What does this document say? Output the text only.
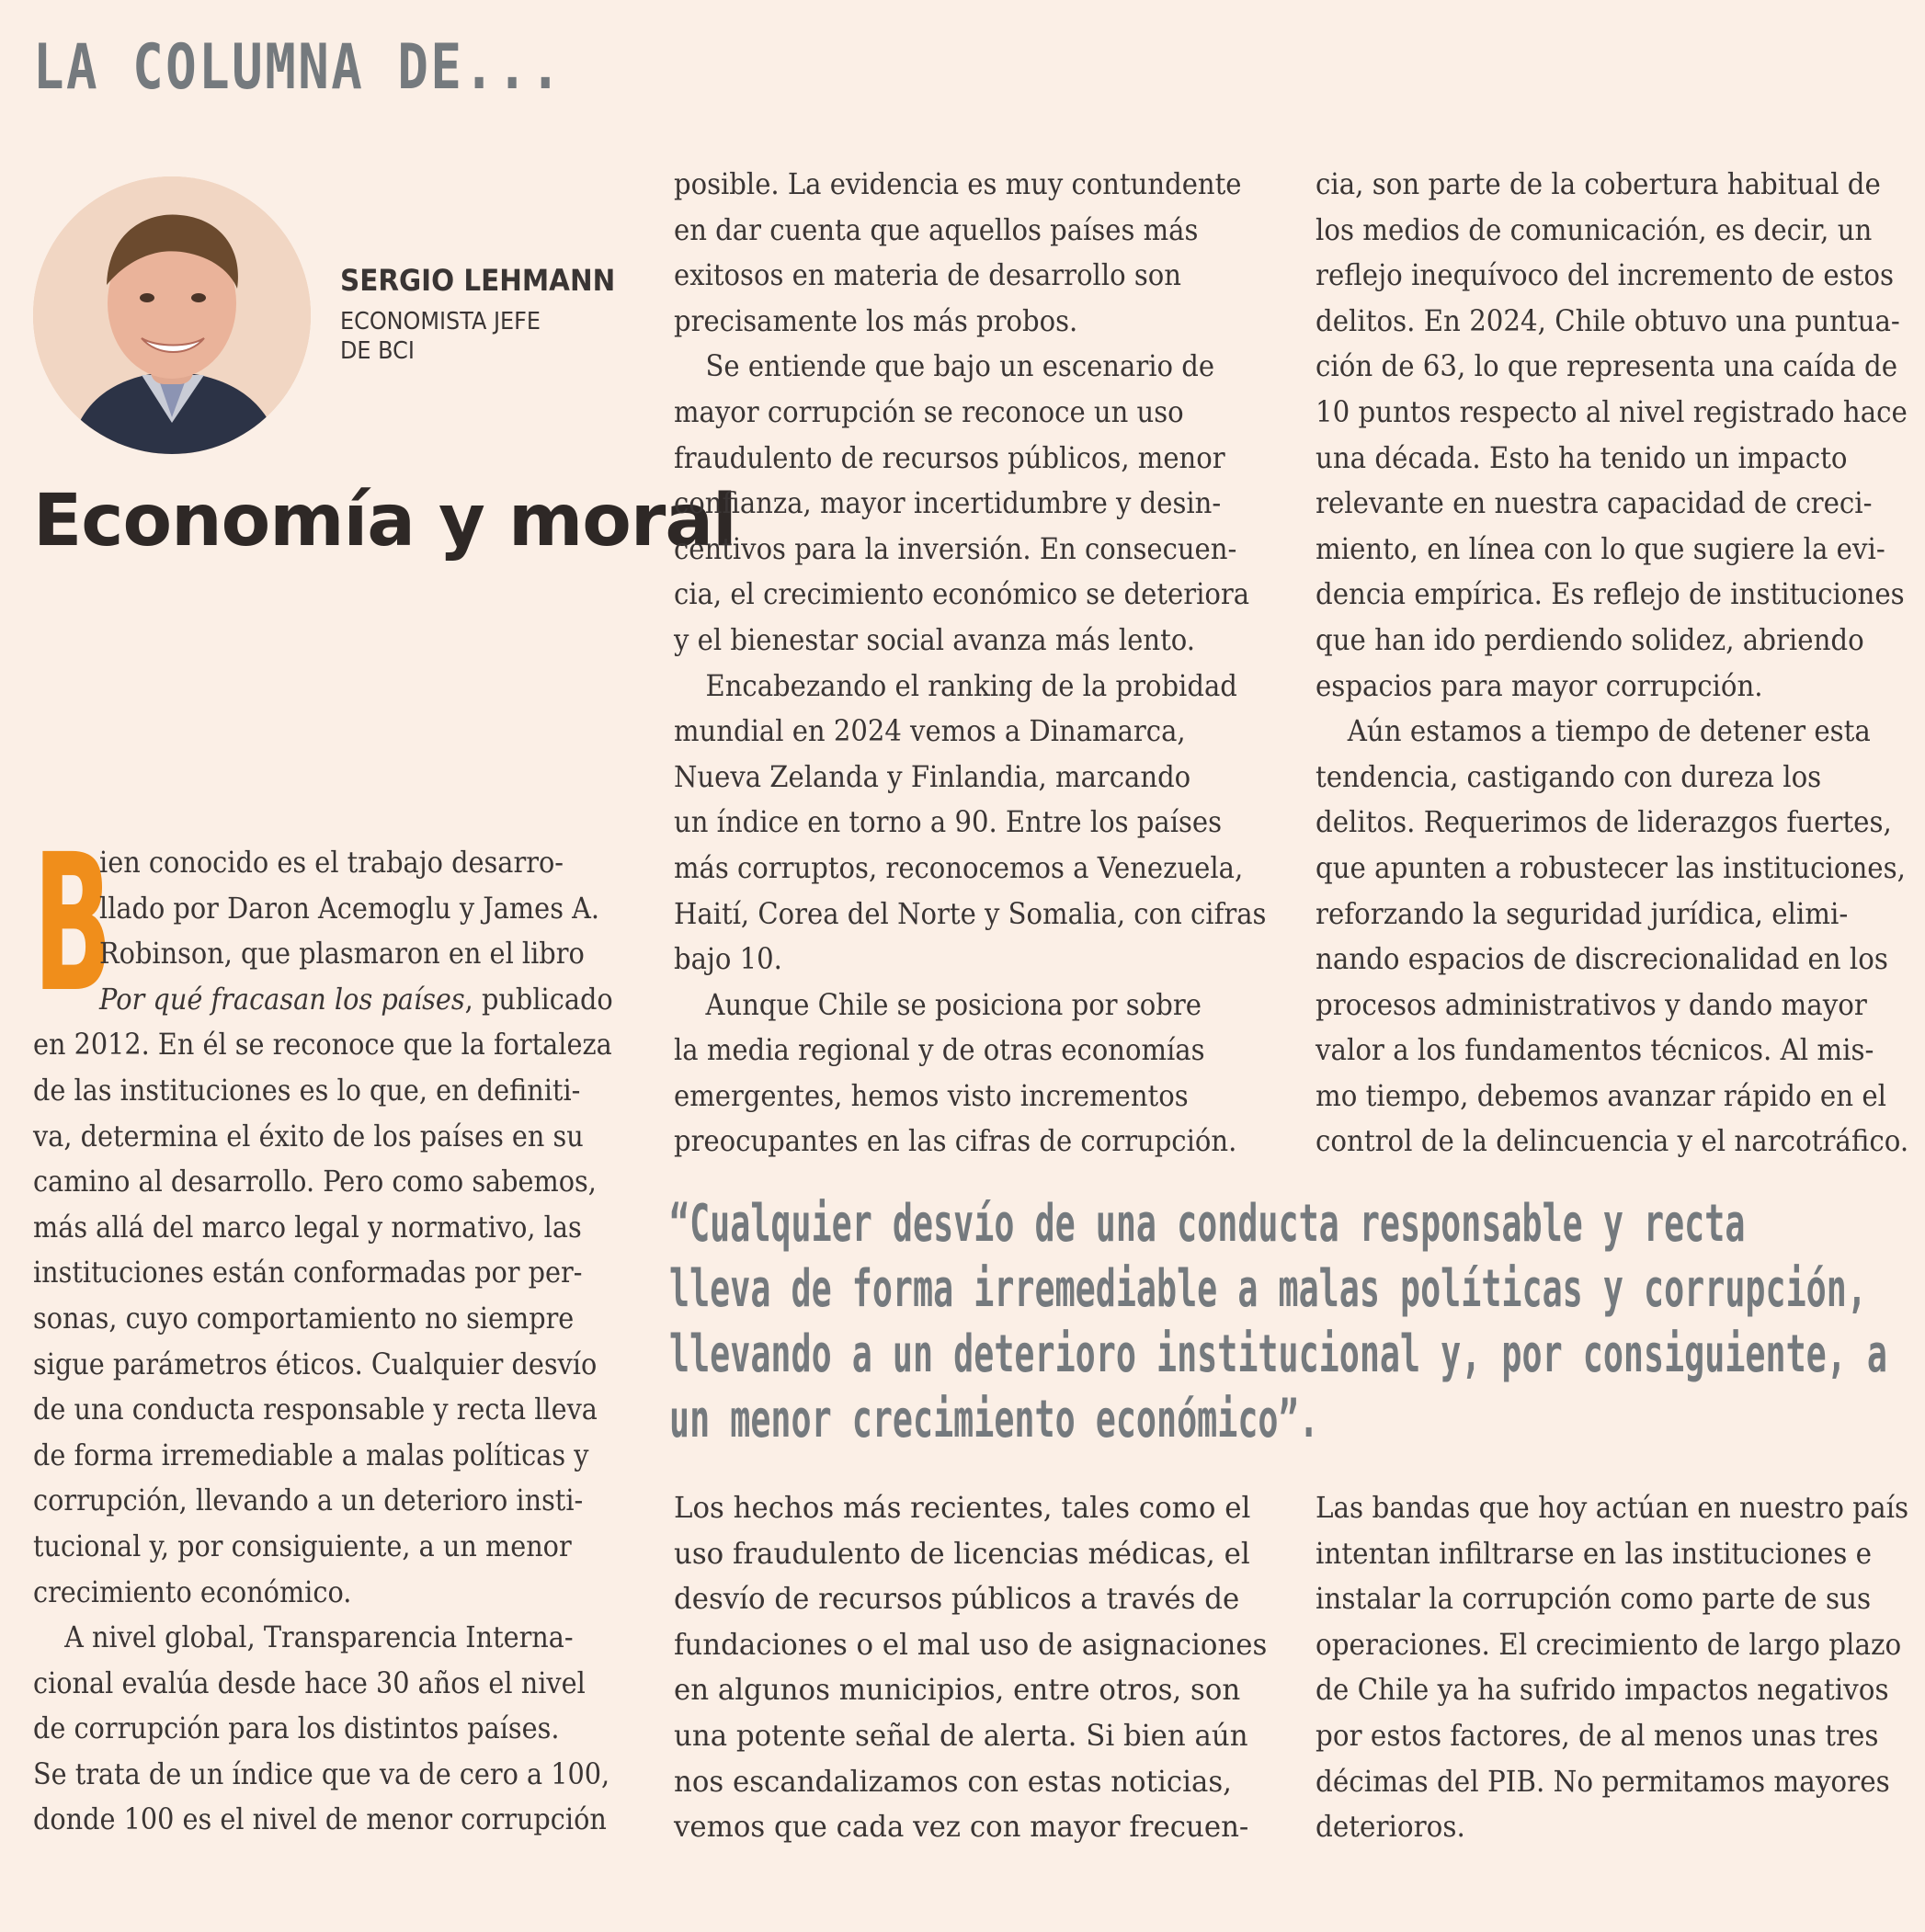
LA COLUMNA DE...
SERGIO LEHMANN
ECONOMISTA JEFE
DE BCI
Economía y moral
B
ien conocido es el trabajo desarro-
llado por Daron Acemoglu y James A.
Robinson, que plasmaron en el libro
Por qué fracasan los países, publicado
en 2012. En él se reconoce que la fortaleza
de las instituciones es lo que, en definiti-
va, determina el éxito de los países en su
camino al desarrollo. Pero como sabemos,
más allá del marco legal y normativo, las
instituciones están conformadas por per-
sonas, cuyo comportamiento no siempre
sigue parámetros éticos. Cualquier desvío
de una conducta responsable y recta lleva
de forma irremediable a malas políticas y
corrupción, llevando a un deterioro insti-
tucional y, por consiguiente, a un menor
crecimiento económico.
A nivel global, Transparencia Interna-
cional evalúa desde hace 30 años el nivel
de corrupción para los distintos países.
Se trata de un índice que va de cero a 100,
donde 100 es el nivel de menor corrupción
posible. La evidencia es muy contundente
en dar cuenta que aquellos países más
exitosos en materia de desarrollo son
precisamente los más probos.
Se entiende que bajo un escenario de
mayor corrupción se reconoce un uso
fraudulento de recursos públicos, menor
confianza, mayor incertidumbre y desin-
centivos para la inversión. En consecuen-
cia, el crecimiento económico se deteriora
y el bienestar social avanza más lento.
Encabezando el ranking de la probidad
mundial en 2024 vemos a Dinamarca,
Nueva Zelanda y Finlandia, marcando
un índice en torno a 90. Entre los países
más corruptos, reconocemos a Venezuela,
Haití, Corea del Norte y Somalia, con cifras
bajo 10.
Aunque Chile se posiciona por sobre
la media regional y de otras economías
emergentes, hemos visto incrementos
preocupantes en las cifras de corrupción.
cia, son parte de la cobertura habitual de
los medios de comunicación, es decir, un
reflejo inequívoco del incremento de estos
delitos. En 2024, Chile obtuvo una puntua-
ción de 63, lo que representa una caída de
10 puntos respecto al nivel registrado hace
una década. Esto ha tenido un impacto
relevante en nuestra capacidad de creci-
miento, en línea con lo que sugiere la evi-
dencia empírica. Es reflejo de instituciones
que han ido perdiendo solidez, abriendo
espacios para mayor corrupción.
Aún estamos a tiempo de detener esta
tendencia, castigando con dureza los
delitos. Requerimos de liderazgos fuertes,
que apunten a robustecer las instituciones,
reforzando la seguridad jurídica, elimi-
nando espacios de discrecionalidad en los
procesos administrativos y dando mayor
valor a los fundamentos técnicos. Al mis-
mo tiempo, debemos avanzar rápido en el
control de la delincuencia y el narcotráfico.
“Cualquier desvío de una conducta responsable y recta
lleva de forma irremediable a malas políticas y corrupción,
llevando a un deterioro institucional y, por consiguiente, a
un menor crecimiento económico”.
Los hechos más recientes, tales como el
uso fraudulento de licencias médicas, el
desvío de recursos públicos a través de
fundaciones o el mal uso de asignaciones
en algunos municipios, entre otros, son
una potente señal de alerta. Si bien aún
nos escandalizamos con estas noticias,
vemos que cada vez con mayor frecuen-
Las bandas que hoy actúan en nuestro país
intentan infiltrarse en las instituciones e
instalar la corrupción como parte de sus
operaciones. El crecimiento de largo plazo
de Chile ya ha sufrido impactos negativos
por estos factores, de al menos unas tres
décimas del PIB. No permitamos mayores
deterioros.
